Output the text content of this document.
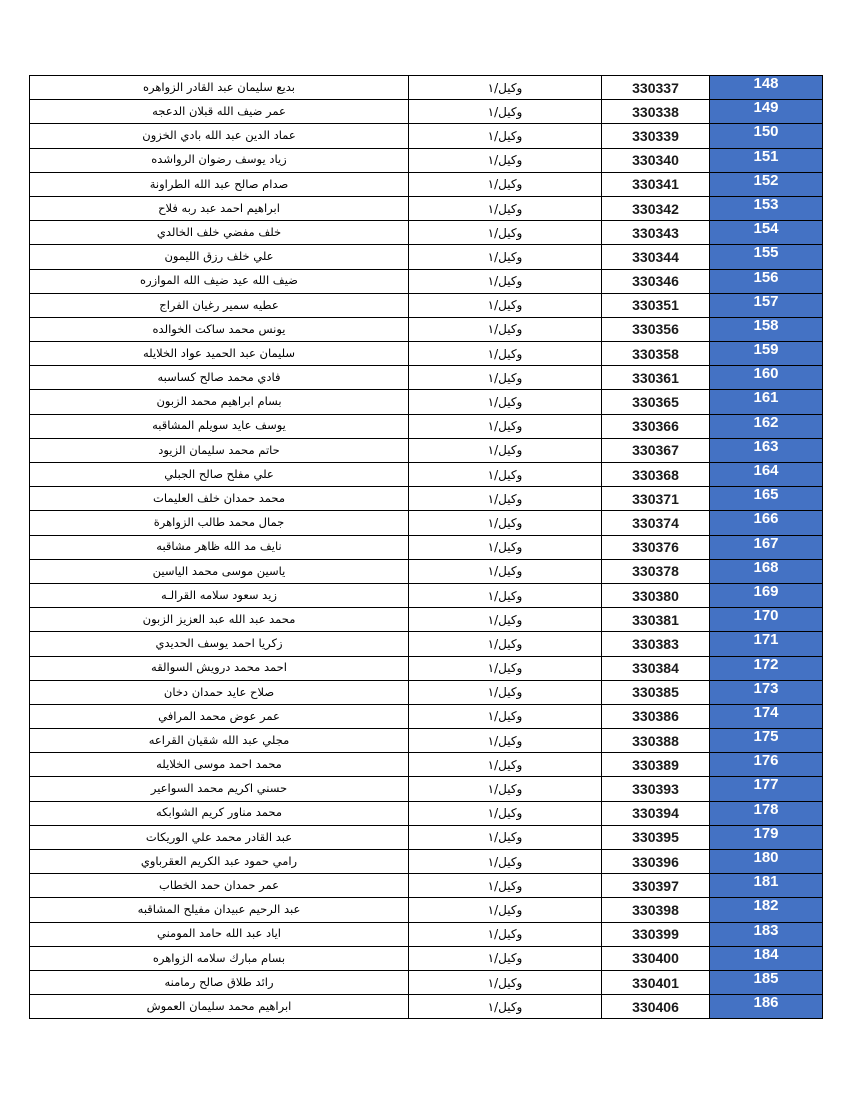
بديع سليمان عبد القادر الزواهره	وكيل/١	330337	148
عمر ضيف الله قبلان الدعجه	وكيل/١	330338	149
عماد الدين عبد الله بادي الخزون	وكيل/١	330339	150
زياد يوسف رضوان الرواشده	وكيل/١	330340	151
صدام صالح عبد الله الطراونة	وكيل/١	330341	152
ابراهيم احمد عبد ربه فلاح	وكيل/١	330342	153
خلف مفضي خلف الخالدي	وكيل/١	330343	154
علي خلف رزق الليمون	وكيل/١	330344	155
ضيف الله عيد ضيف الله الموازره	وكيل/١	330346	156
عطيه سمير رغيان الفراج	وكيل/١	330351	157
يونس محمد ساكت الخوالده	وكيل/١	330356	158
سليمان عبد الحميد عواد الخلايله	وكيل/١	330358	159
فادي محمد صالح كساسبه	وكيل/١	330361	160
بسام ابراهيم محمد الزبون	وكيل/١	330365	161
يوسف عايد سويلم المشاقبه	وكيل/١	330366	162
حاتم محمد سليمان الزيود	وكيل/١	330367	163
علي مفلح صالح الجبلي	وكيل/١	330368	164
محمد حمدان خلف العليمات	وكيل/١	330371	165
جمال محمد طالب الزواهرة	وكيل/١	330374	166
نايف مد الله ظاهر مشاقبه	وكيل/١	330376	167
ياسين موسى محمد الياسين	وكيل/١	330378	168
زيد سعود سلامه القرالـه	وكيل/١	330380	169
محمد عبد الله عبد العزيز الزبون	وكيل/١	330381	170
زكريا احمد يوسف الحديدي	وكيل/١	330383	171
احمد محمد درويش السوالقه	وكيل/١	330384	172
صلاح عايد حمدان دخان	وكيل/١	330385	173
عمر عوض محمد المرافي	وكيل/١	330386	174
مجلي عبد الله شقيان القراعه	وكيل/١	330388	175
محمد احمد موسى الخلايله	وكيل/١	330389	176
حسني اكريم محمد السواعير	وكيل/١	330393	177
محمد مناور كريم الشوابكه	وكيل/١	330394	178
عبد القادر محمد علي الوريكات	وكيل/١	330395	179
رامي حمود عبد الكريم العقرباوي	وكيل/١	330396	180
عمر حمدان حمد الخطاب	وكيل/١	330397	181
عبد الرحيم عبيدان مفيلح المشاقبه	وكيل/١	330398	182
اياد عبد الله حامد المومني	وكيل/١	330399	183
بسام مبارك سلامه الزواهره	وكيل/١	330400	184
رائد طلاق صالح رمامنه	وكيل/١	330401	185
ابراهيم محمد سليمان العموش	وكيل/١	330406	186
